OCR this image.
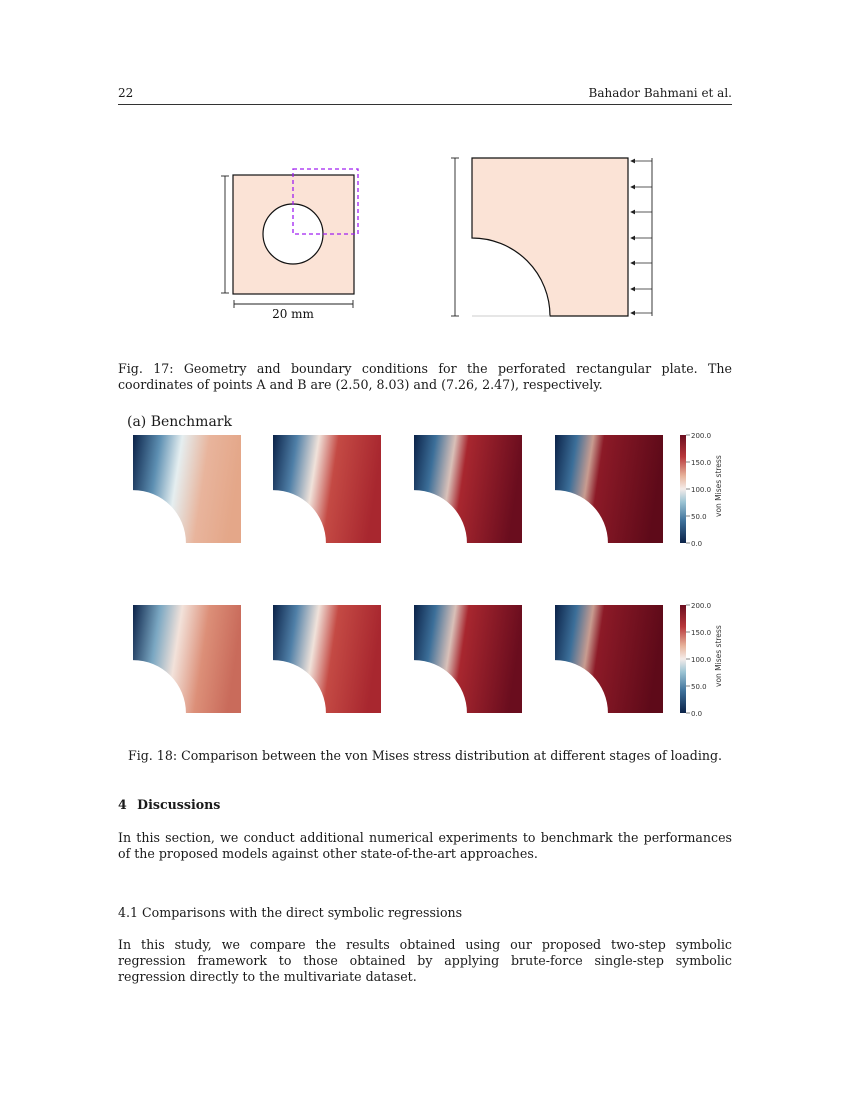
22	Bahador Bahmani et al.
20 mm
Fig. 17: Geometry and boundary conditions for the perforated rectangular plate. The coordinates of points A and B are (2.50, 8.03) and (7.26, 2.47), respectively.
(a) Benchmark
200.0
150.0
100.0
50.0
0.0
von Mises stress
200.0
150.0
100.0
50.0
0.0
von Mises stress
Fig. 18: Comparison between the von Mises stress distribution at different stages of loading.
4 Discussions
In this section, we conduct additional numerical experiments to benchmark the performances of the proposed models against other state-of-the-art approaches.
4.1 Comparisons with the direct symbolic regressions
In this study, we compare the results obtained using our proposed two-step symbolic regression framework to those obtained by applying brute-force single-step symbolic regression directly to the multivariate dataset.
